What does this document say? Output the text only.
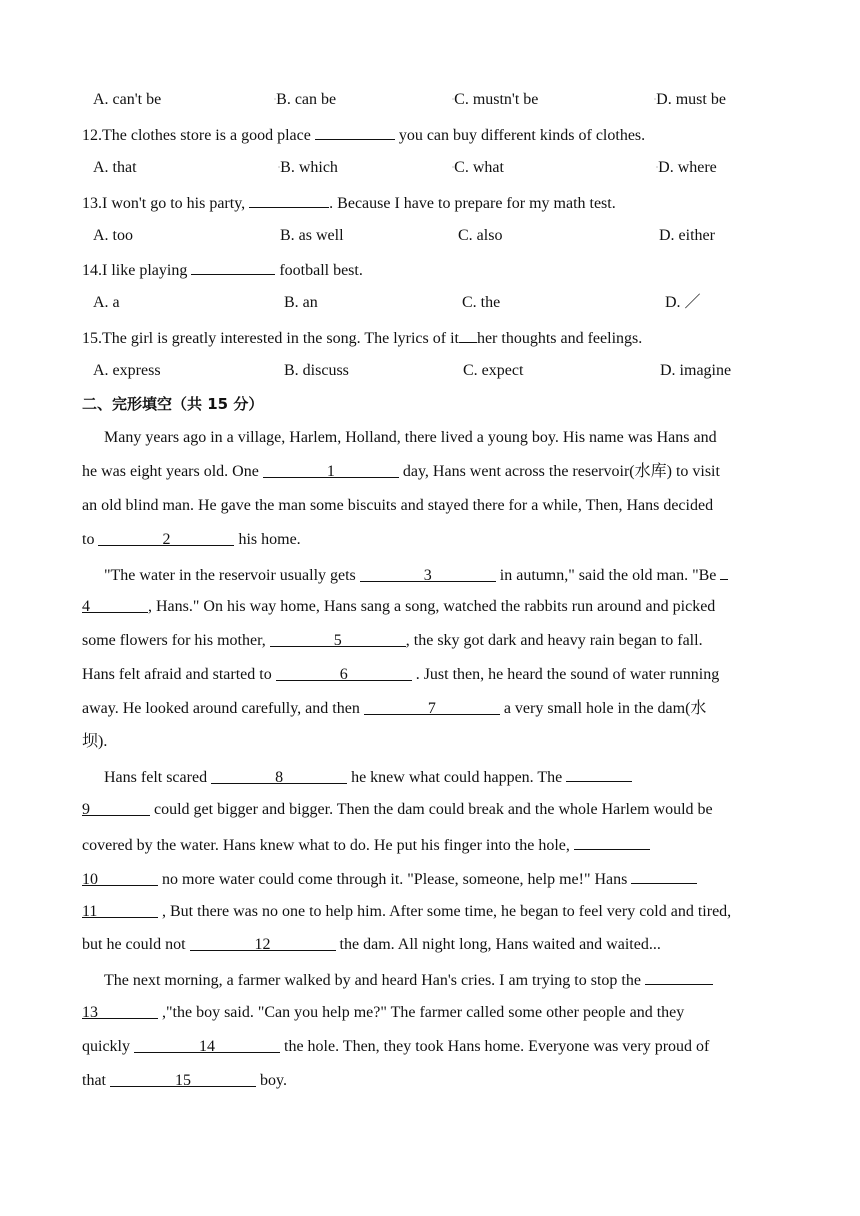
A. can't be	▫B. can be	▫C. mustn't be	▫D. must be
12.The clothes store is a good place	you can buy different kinds of clothes.
A. that	▫B. which	▫C. what	▫D. where
13.I won't go to his party,	. Because I have to prepare for my math test.
A. too	B. as well	C. also	D. either
14.I like playing	football best.
A. a	B. an	C. the	D. ／
15.The girl is greatly interested in the song. The lyrics of it her thoughts and feelings.
A. express	B. discuss	C. expect	D. imagine
二、完形填空（共 15 分）
Many years ago in a village, Harlem, Holland, there lived a young boy. His name was Hans and
he was eight years old. One	1	day, Hans went across the reservoir(水库) to visit
an old blind man. He gave the man some biscuits and stayed there for a while, Then, Hans decided
to	2	his home.
"The water in the reservoir usually gets	3	in autumn," said the old man. "Be
4	, Hans." On his way home, Hans sang a song, watched the rabbits run around and picked
some flowers for his mother,	5	, the sky got dark and heavy rain began to fall.
Hans felt afraid and started to	6	. Just then, he heard the sound of water running
away. He looked around carefully, and then	7	a very small hole in the dam(水
坝).
Hans felt scared	8	he knew what could happen. The
9	could get bigger and bigger. Then the dam could break and the whole Harlem would be
covered by the water. Hans knew what to do. He put his finger into the hole,
10	no more water could come through it. "Please, someone, help me!" Hans
11	, But there was no one to help him. After some time, he began to feel very cold and tired,
but he could not	12	the dam. All night long, Hans waited and waited...
The next morning, a farmer walked by and heard Han's cries. I am trying to stop the
13	,"the boy said. "Can you help me?" The farmer called some other people and they
quickly	14	the hole. Then, they took Hans home. Everyone was very proud of
that	15	boy.
